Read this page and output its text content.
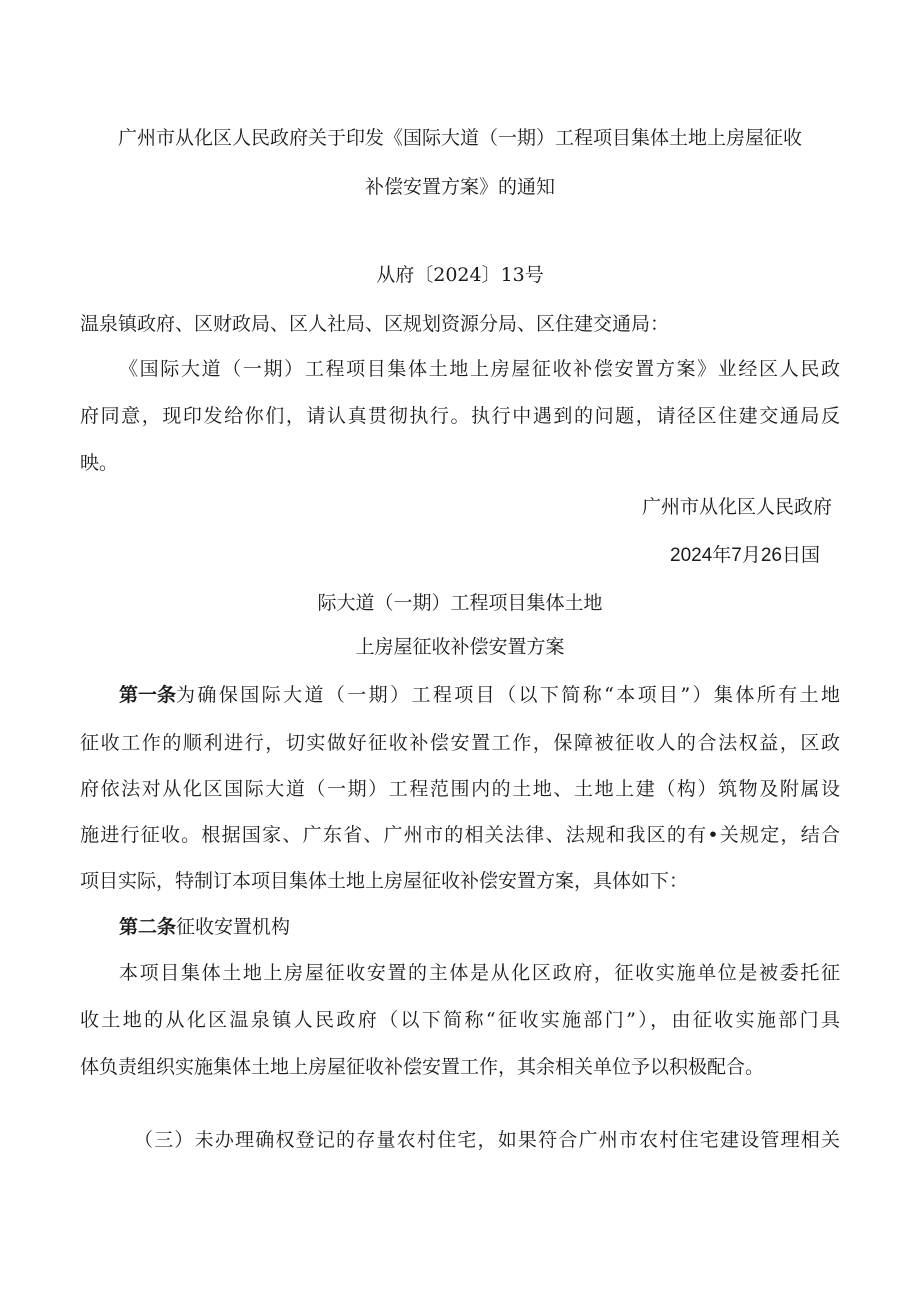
广州市从化区人民政府关于印发《国际大道（一期）工程项目集体土地上房屋征收
补偿安置方案》的通知
从府〔2024〕13号
温泉镇政府、区财政局、区人社局、区规划资源分局、区住建交通局：
《国际大道（一期）工程项目集体土地上房屋征收补偿安置方案》业经区人民政
府同意，现印发给你们，请认真贯彻执行。执行中遇到的问题，请径区住建交通局反
映。
广州市从化区人民政府
2024年7月26日国
际大道（一期）工程项目集体土地
上房屋征收补偿安置方案
第一条 为确保国际大道（一期）工程项目（以下简称“本项目”）集体所有土地
征收工作的顺利进行，切实做好征收补偿安置工作，保障被征收人的合法权益，区政
府依法对从化区国际大道（一期）工程范围内的土地、土地上建（构）筑物及附属设
施进行征收。根据国家、广东省、广州市的相关法律、法规和我区的有•关规定，结合
项目实际，特制订本项目集体土地上房屋征收补偿安置方案，具体如下：
第二条征收安置机构
本项目集体土地上房屋征收安置的主体是从化区政府，征收实施单位是被委托征
收土地的从化区温泉镇人民政府（以下简称“征收实施部门”），由征收实施部门具
体负责组织实施集体土地上房屋征收补偿安置工作，其余相关单位予以积极配合。
（三）未办理确权登记的存量农村住宅，如果符合广州市农村住宅建设管理相关
